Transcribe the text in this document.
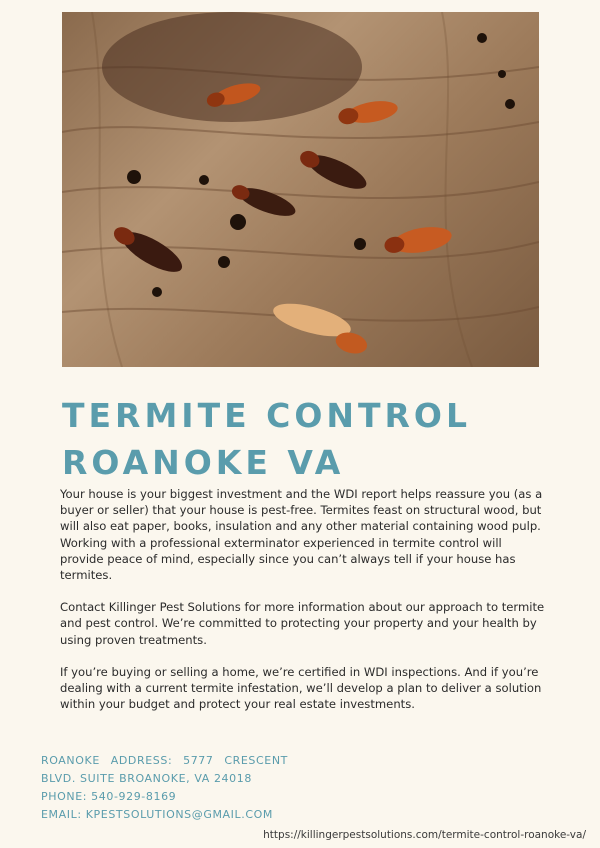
TERMITE CONTROL
ROANOKE VA

Your house is your biggest investment and the WDI report helps reassure you (as a buyer or seller) that your house is pest-free. Termites feast on structural wood, but will also eat paper, books, insulation and any other material containing wood pulp. Working with a professional exterminator experienced in termite control will provide peace of mind, especially since you can’t always tell if your house has termites.

Contact Killinger Pest Solutions for more information about our approach to termite and pest control. We’re committed to protecting your property and your health by using proven treatments.

If you’re buying or selling a home, we’re certified in WDI inspections. And if you’re dealing with a current termite infestation, we’ll develop a plan to deliver a solution within your budget and protect your real estate investments.

ROANOKE ADDRESS: 5777 CRESCENT
BLVD. SUITE BROANOKE, VA 24018
PHONE: 540-929-8169
EMAIL: KPESTSOLUTIONS@GMAIL.COM
https://killingerpestsolutions.com/termite-control-roanoke-va/
